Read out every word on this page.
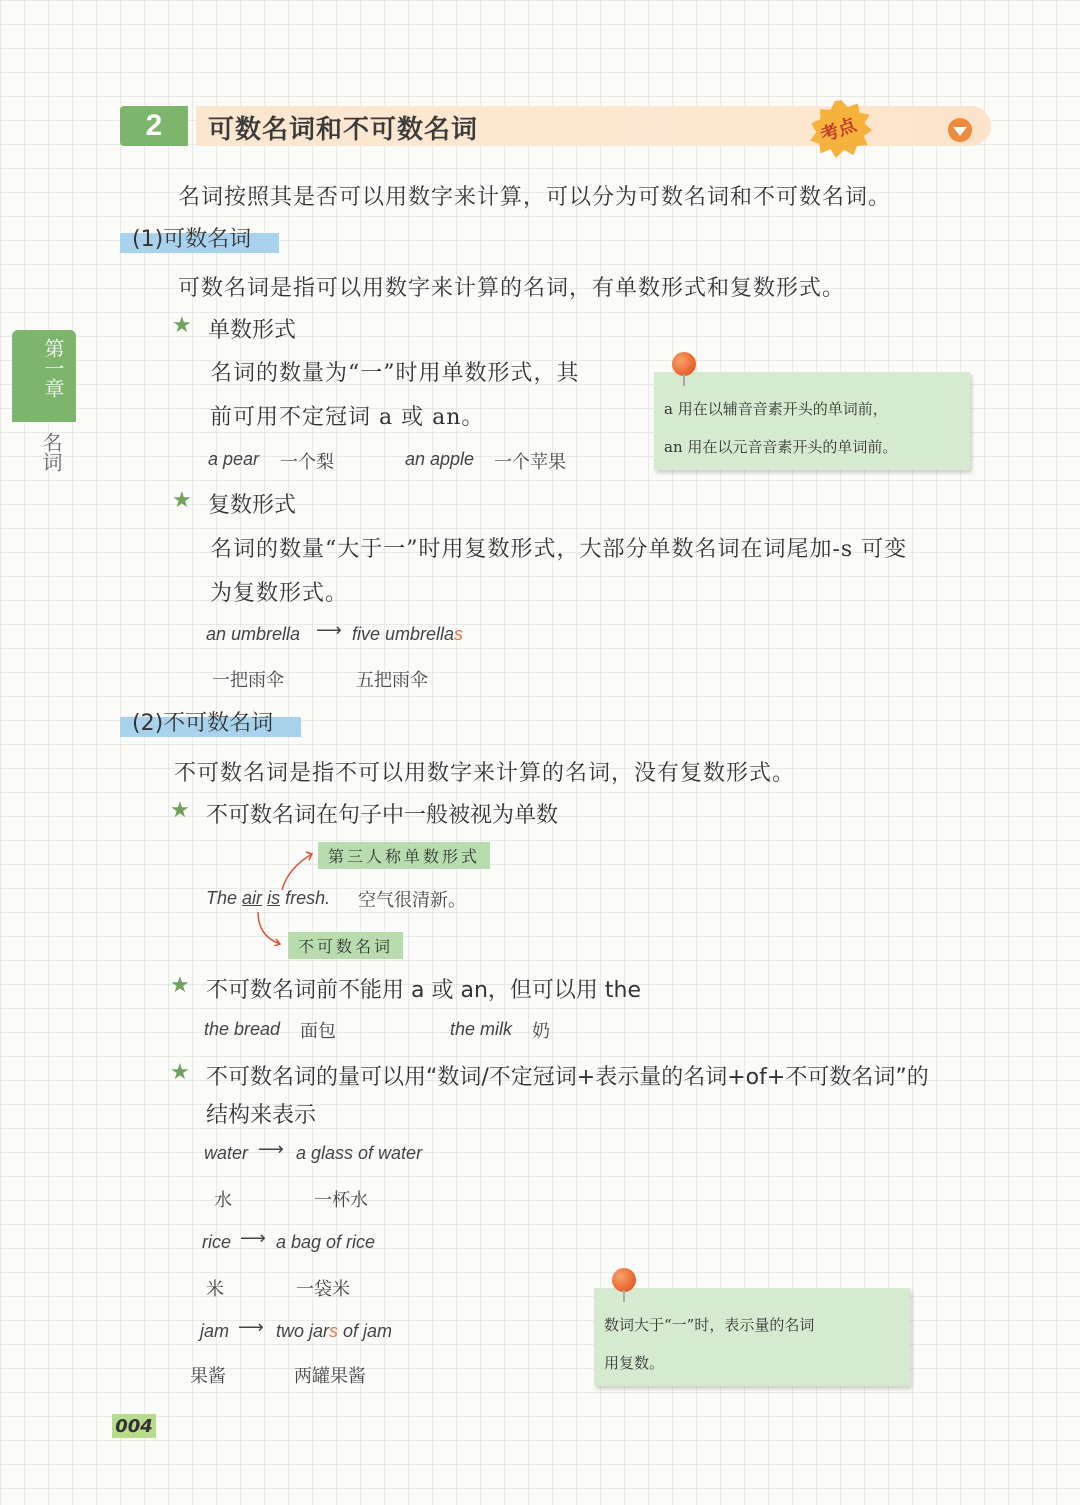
2	可数名词和不可数名词	考点
第一章
名词
名词按照其是否可以用数字来计算，可以分为可数名词和不可数名词。
(1)可数名词
可数名词是指可以用数字来计算的名词，有单数形式和复数形式。
★ 单数形式
名词的数量为“一”时用单数形式，其
前可用不定冠词 a 或 an。
a pear 一个梨	an apple 一个苹果
a 用在以辅音音素开头的单词前，
an 用在以元音音素开头的单词前。
★ 复数形式
名词的数量“大于一”时用复数形式，大部分单数名词在词尾加-s 可变
为复数形式。
an umbrella ⟶ five umbrellas
一把雨伞	五把雨伞
(2)不可数名词
不可数名词是指不可以用数字来计算的名词，没有复数形式。
★ 不可数名词在句子中一般被视为单数
第三人称单数形式
The air is fresh. 空气很清新。
不可数名词
★ 不可数名词前不能用 a 或 an，但可以用 the
the bread 面包	the milk 奶
★ 不可数名词的量可以用“数词/不定冠词+表示量的名词+of+不可数名词”的
结构来表示
water ⟶ a glass of water
水	一杯水
rice ⟶ a bag of rice
米	一袋米
jam ⟶ two jars of jam
果酱	两罐果酱
数词大于“一”时，表示量的名词
用复数。
004
